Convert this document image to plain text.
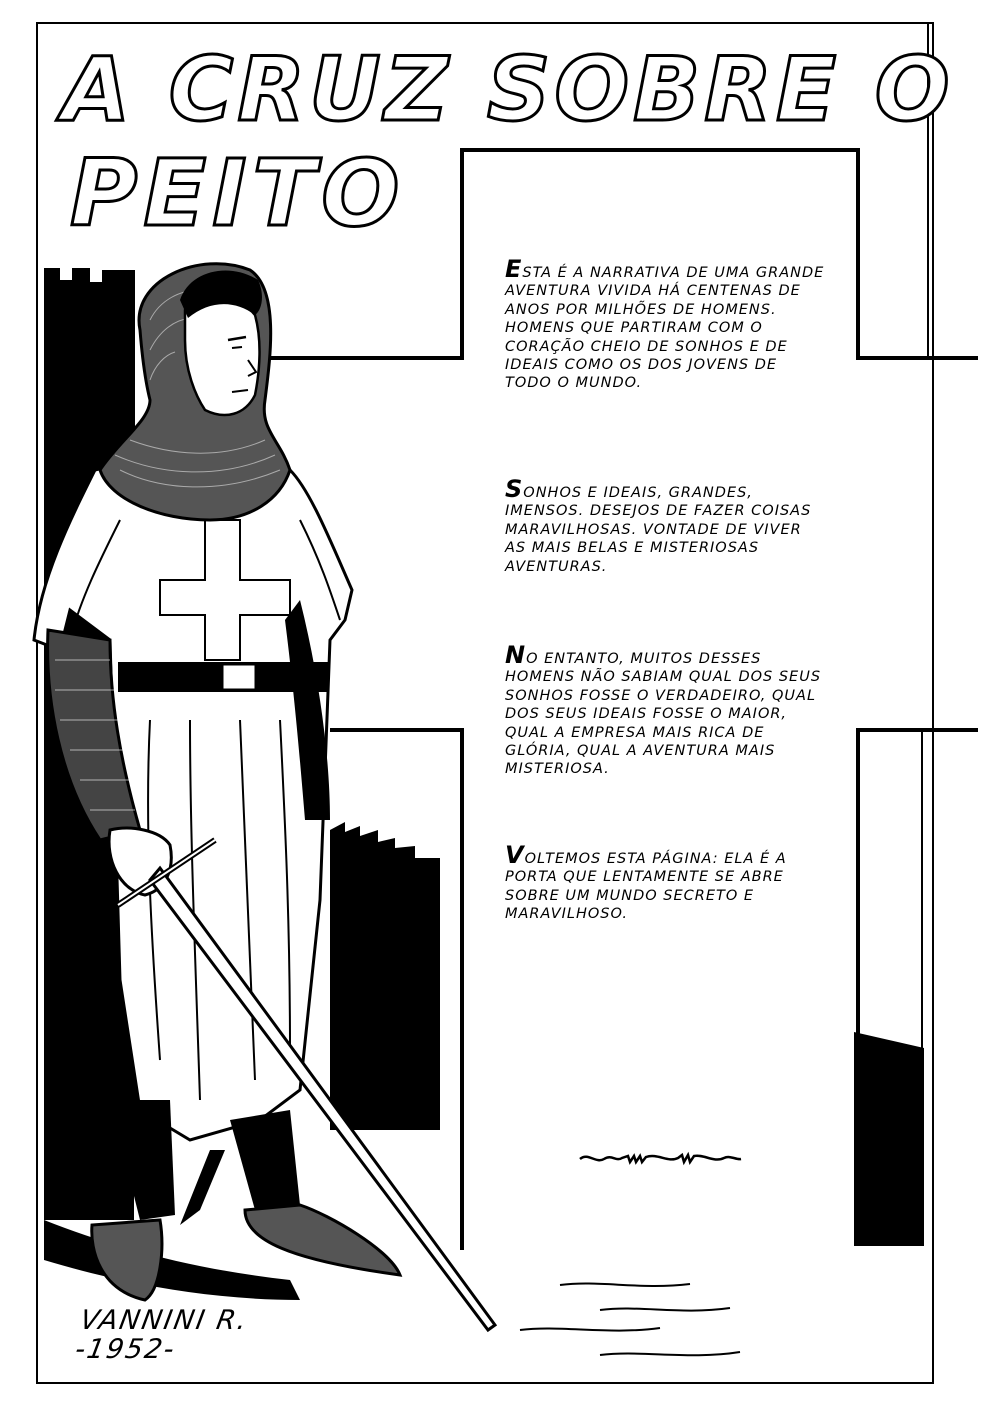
A CRUZ SOBRE O
PEITO

ESTA É A NARRATIVA DE UMA GRANDE AVENTURA VIVIDA HÁ CENTENAS DE ANOS POR MILHÕES DE HOMENS. HOMENS QUE PARTIRAM COM O CORAÇÃO CHEIO DE SONHOS E DE IDEAIS COMO OS DOS JOVENS DE TODO O MUNDO.

SONHOS E IDEAIS, GRANDES, IMENSOS. DESEJOS DE FAZER COISAS MARAVILHOSAS. VONTADE DE VIVER AS MAIS BELAS E MISTERIOSAS AVENTURAS.

NO ENTANTO, MUITOS DESSES HOMENS NÃO SABIAM QUAL DOS SEUS SONHOS FOSSE O VERDADEIRO, QUAL DOS SEUS IDEAIS FOSSE O MAIOR, QUAL A EMPRESA MAIS RICA DE GLÓRIA, QUAL A AVENTURA MAIS MISTERIOSA.

VOLTEMOS ESTA PÁGINA: ELA É A PORTA QUE LENTAMENTE SE ABRE SOBRE UM MUNDO SECRETO E MARAVILHOSO.

VANNINI R.
-1952-
